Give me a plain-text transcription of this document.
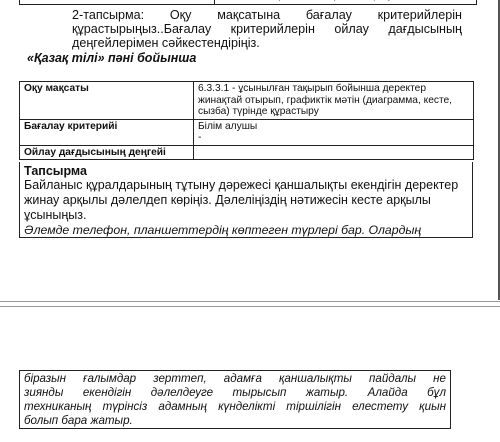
2-тапсырма: Оқу мақсатына бағалау критерийлерін
құрастырыңыз..Бағалау критерийлерін ойлау дағдысының
деңгейлерімен сәйкестендіріңіз.
«Қазақ тілі» пәні бойынша
Оқу мақсаты	6.3.3.1 - ұсынылған тақырып бойынша деректер жинақтай отырып, графиктік мәтін (диаграмма, кесте, сызба) түрінде құрастыру
Бағалау критерийі	Білім алушы
-
Ойлау дағдысының деңгейі	
Тапсырма
Байланыс құралдарының тұтыну дәрежесі қаншалықты екендігін деректер жинау арқылы дәлелдеп көріңіз. Дәлеліңіздің нәтижесін кесте арқылы ұсыныңыз.
Әлемде телефон, планшеттердің көптеген түрлері бар. Олардың
біразын ғалымдар зерттеп, адамға қаншалықты пайдалы не
зиянды екендігін дәлелдеуге тырысып жатыр. Алайда бұл
техниканың түрінсіз адамның күнделікті тіршілігін елестету қиын
болып бара жатыр.
